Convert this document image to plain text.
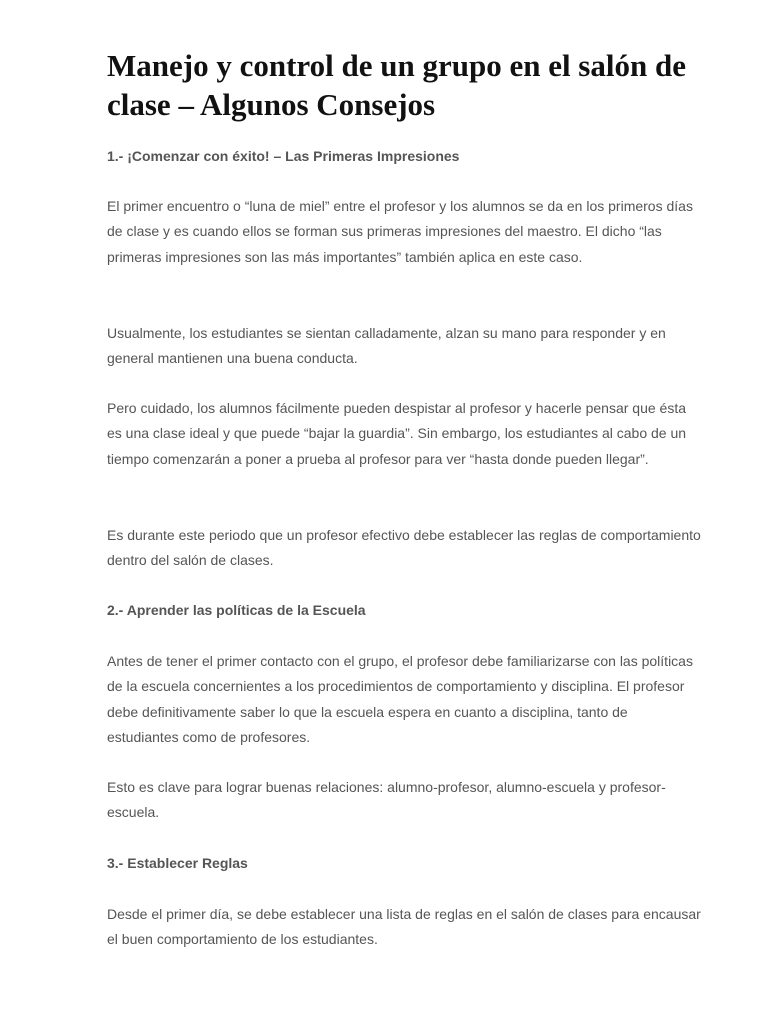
Manejo y control de un grupo en el salón de clase – Algunos Consejos

1.- ¡Comenzar con éxito! – Las Primeras Impresiones

El primer encuentro o “luna de miel” entre el profesor y los alumnos se da en los primeros días de clase y es cuando ellos se forman sus primeras impresiones del maestro. El dicho “las primeras impresiones son las más importantes” también aplica en este caso.

Usualmente, los estudiantes se sientan calladamente, alzan su mano para responder y en general mantienen una buena conducta.

Pero cuidado, los alumnos fácilmente pueden despistar al profesor y hacerle pensar que ésta es una clase ideal y que puede “bajar la guardia”. Sin embargo, los estudiantes al cabo de un tiempo comenzarán a poner a prueba al profesor para ver “hasta donde pueden llegar”.

Es durante este periodo que un profesor efectivo debe establecer las reglas de comportamiento dentro del salón de clases.

2.- Aprender las políticas de la Escuela

Antes de tener el primer contacto con el grupo, el profesor debe familiarizarse con las políticas de la escuela concernientes a los procedimientos de comportamiento y disciplina. El profesor debe definitivamente saber lo que la escuela espera en cuanto a disciplina, tanto de estudiantes como de profesores.

Esto es clave para lograr buenas relaciones: alumno-profesor, alumno-escuela y profesor-escuela.

3.- Establecer Reglas

Desde el primer día, se debe establecer una lista de reglas en el salón de clases para encausar el buen comportamiento de los estudiantes.
